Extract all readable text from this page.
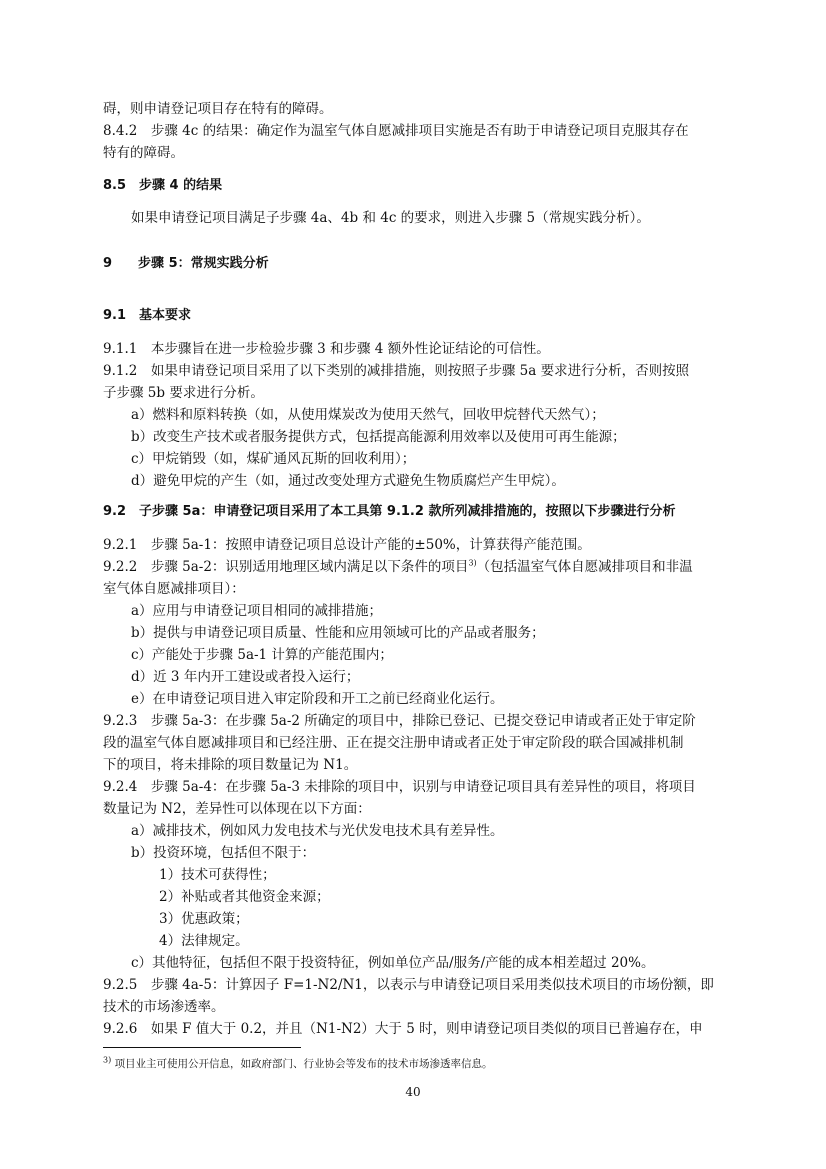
碍，则申请登记项目存在特有的障碍。

8.4.2　步骤 4c 的结果：确定作为温室气体自愿减排项目实施是否有助于申请登记项目克服其存在

特有的障碍。

8.5　步骤 4 的结果

如果申请登记项目满足子步骤 4a、4b 和 4c 的要求，则进入步骤 5（常规实践分析）。

9　　步骤 5：常规实践分析

9.1　基本要求

9.1.1　本步骤旨在进一步检验步骤 3 和步骤 4 额外性论证结论的可信性。

9.1.2　如果申请登记项目采用了以下类别的减排措施，则按照子步骤 5a 要求进行分析，否则按照

子步骤 5b 要求进行分析。

a）燃料和原料转换（如，从使用煤炭改为使用天然气，回收甲烷替代天然气）；

b）改变生产技术或者服务提供方式，包括提高能源利用效率以及使用可再生能源；

c）甲烷销毁（如，煤矿通风瓦斯的回收利用）；

d）避免甲烷的产生（如，通过改变处理方式避免生物质腐烂产生甲烷）。

9.2　子步骤 5a：申请登记项目采用了本工具第 9.1.2 款所列减排措施的，按照以下步骤进行分析

9.2.1　步骤 5a-1：按照申请登记项目总设计产能的±50%，计算获得产能范围。

9.2.2　步骤 5a-2：识别适用地理区域内满足以下条件的项目$^{3)}$（包括温室气体自愿减排项目和非温

室气体自愿减排项目）：

a）应用与申请登记项目相同的减排措施；

b）提供与申请登记项目质量、性能和应用领域可比的产品或者服务；

c）产能处于步骤 5a-1 计算的产能范围内；

d）近 3 年内开工建设或者投入运行；

e）在申请登记项目进入审定阶段和开工之前已经商业化运行。

9.2.3　步骤 5a-3：在步骤 5a-2 所确定的项目中，排除已登记、已提交登记申请或者正处于审定阶

段的温室气体自愿减排项目和已经注册、正在提交注册申请或者正处于审定阶段的联合国减排机制

下的项目，将未排除的项目数量记为 N1。

9.2.4　步骤 5a-4：在步骤 5a-3 未排除的项目中，识别与申请登记项目具有差异性的项目，将项目

数量记为 N2，差异性可以体现在以下方面：

a）减排技术，例如风力发电技术与光伏发电技术具有差异性。

b）投资环境，包括但不限于：

1）技术可获得性；

2）补贴或者其他资金来源；

3）优惠政策；

4）法律规定。

c）其他特征，包括但不限于投资特征，例如单位产品/服务/产能的成本相差超过 20%。

9.2.5　步骤 4a-5：计算因子 F=1-N2/N1，以表示与申请登记项目采用类似技术项目的市场份额，即

技术的市场渗透率。

9.2.6　如果 F 值大于 0.2，并且（N1-N2）大于 5 时，则申请登记项目类似的项目已普遍存在，申

$^{3)}$ 项目业主可使用公开信息，如政府部门、行业协会等发布的技术市场渗透率信息。

40
